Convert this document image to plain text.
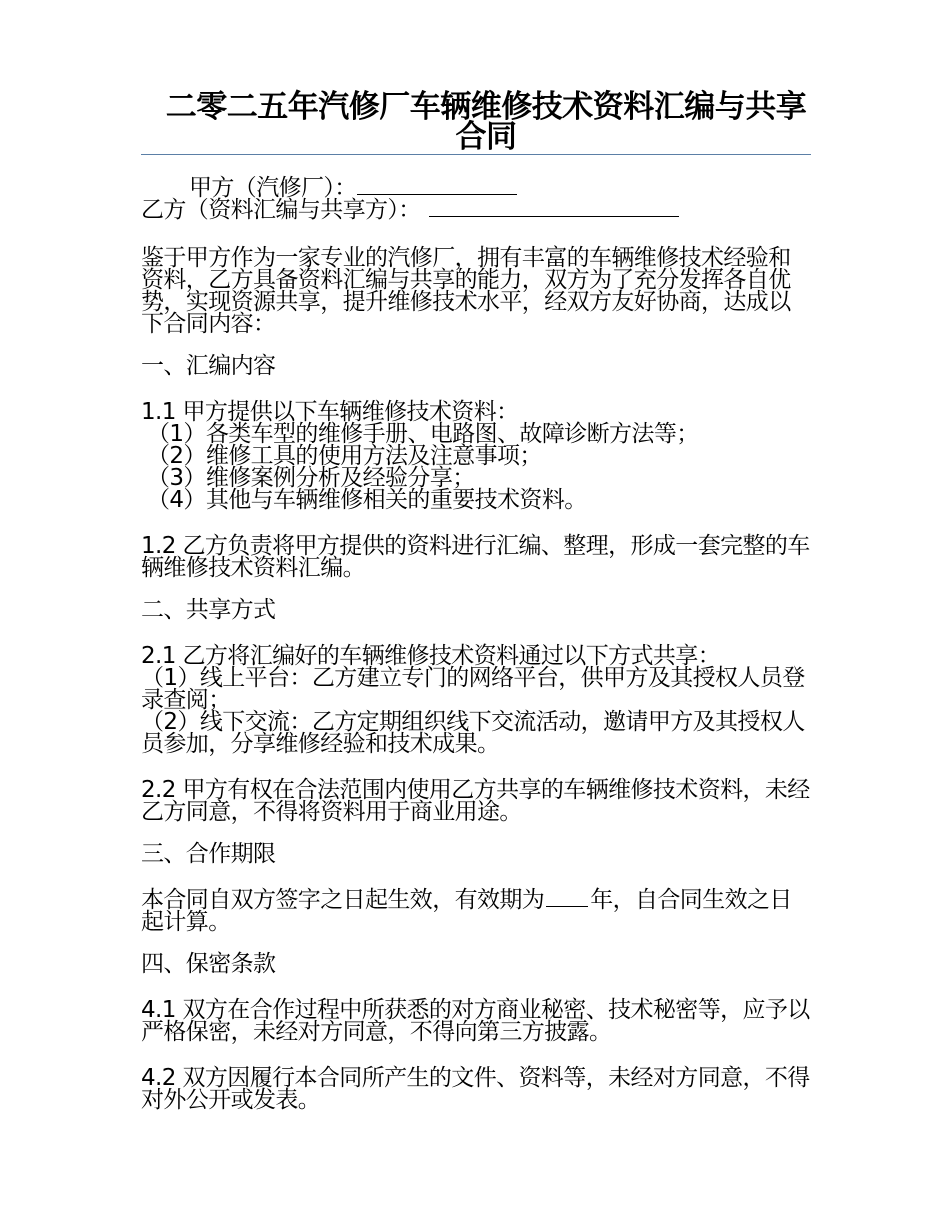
二零二五年汽修厂车辆维修技术资料汇编与共享合同

甲方（汽修厂）：

乙方（资料汇编与共享方）：

鉴于甲方作为一家专业的汽修厂，拥有丰富的车辆维修技术经验和资料，乙方具备资料汇编与共享的能力，双方为了充分发挥各自优势，实现资源共享，提升维修技术水平，经双方友好协商，达成以下合同内容：

一、汇编内容

1.1 甲方提供以下车辆维修技术资料：

（1）各类车型的维修手册、电路图、故障诊断方法等；

（2）维修工具的使用方法及注意事项；

（3）维修案例分析及经验分享；

（4）其他与车辆维修相关的重要技术资料。

1.2 乙方负责将甲方提供的资料进行汇编、整理，形成一套完整的车辆维修技术资料汇编。

二、共享方式

2.1 乙方将汇编好的车辆维修技术资料通过以下方式共享：

（1）线上平台：乙方建立专门的网络平台，供甲方及其授权人员登录查阅；

（2）线下交流：乙方定期组织线下交流活动，邀请甲方及其授权人员参加，分享维修经验和技术成果。

2.2 甲方有权在合法范围内使用乙方共享的车辆维修技术资料，未经乙方同意，不得将资料用于商业用途。

三、合作期限

本合同自双方签字之日起生效，有效期为 年，自合同生效之日起计算。

四、保密条款

4.1 双方在合作过程中所获悉的对方商业秘密、技术秘密等，应予以严格保密，未经对方同意，不得向第三方披露。

4.2 双方因履行本合同所产生的文件、资料等，未经对方同意，不得对外公开或发表。
